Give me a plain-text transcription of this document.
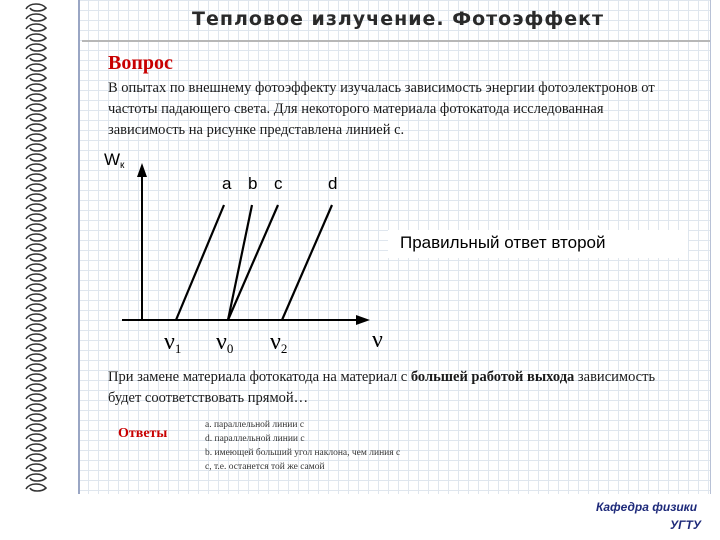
Тепловое излучение. Фотоэффект
Вопрос
В опытах по внешнему фотоэффекту изучалась зависимость энергии фотоэлектронов от частоты падающего света. Для некоторого материала фотокатода исследованная зависимость на рисунке представлена линией с.
Wк
a b c	d
ν
ν1 ν0 ν2
Правильный ответ второй
При замене материала фотокатода на материал с большей работой выхода зависимость будет соответствовать прямой…
Ответы
а. параллельной линии с
d. параллельной линии с
b. имеющей больший угол наклона, чем линия с
с, т.е. останется той же самой
Кафедра физики
УГТУ
